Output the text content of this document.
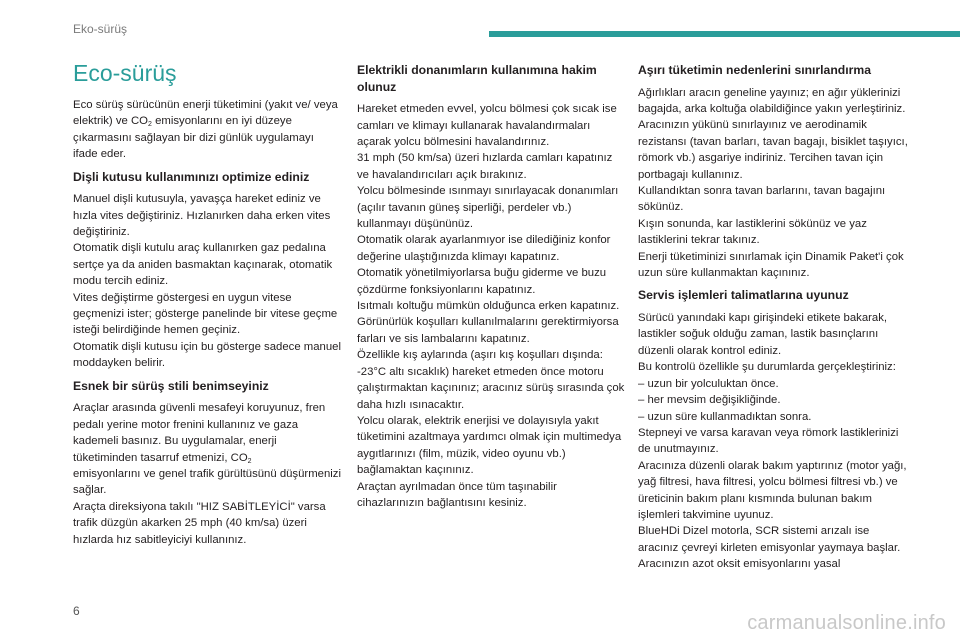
Eko-sürüş
Eco-sürüş

Eco sürüş sürücünün enerji tüketimini (yakıt ve/ veya elektrik) ve $CO_2$ emisyonlarını en iyi düzeye çıkarmasını sağlayan bir dizi günlük uygulamayı ifade eder.

Dişli kutusu kullanımınızı optimize ediniz

Manuel dişli kutusuyla, yavaşça hareket ediniz ve hızla vites değiştiriniz. Hızlanırken daha erken vites değiştiriniz.
Otomatik dişli kutulu araç kullanırken gaz pedalına sertçe ya da aniden basmaktan kaçınarak, otomatik modu tercih ediniz.
Vites değiştirme göstergesi en uygun vitese geçmenizi ister; gösterge panelinde bir vitese geçme isteği belirdiğinde hemen geçiniz.
Otomatik dişli kutusu için bu gösterge sadece manuel moddayken belirir.

Esnek bir sürüş stili benimseyiniz

Araçlar arasında güvenli mesafeyi koruyunuz, fren pedalı yerine motor frenini kullanınız ve gaza kademeli basınız. Bu uygulamalar, enerji tüketiminden tasarruf etmenizi, $CO_2$
emisyonlarını ve genel trafik gürültüsünü düşürmenizi sağlar.
Araçta direksiyona takılı "HIZ SABİTLEYİCİ" varsa trafik düzgün akarken 25 mph (40 km/sa) üzeri hızlarda hız sabitleyiciyi kullanınız.

Elektrikli donanımların kullanımına hakim olunuz

Hareket etmeden evvel, yolcu bölmesi çok sıcak ise camları ve klimayı kullanarak havalandırmaları açarak yolcu bölmesini havalandırınız.
31 mph (50 km/sa) üzeri hızlarda camları kapatınız ve havalandırıcıları açık bırakınız.
Yolcu bölmesinde ısınmayı sınırlayacak donanımları (açılır tavanın güneş siperliği, perdeler vb.) kullanmayı düşününüz.
Otomatik olarak ayarlanmıyor ise dilediğiniz konfor değerine ulaştığınızda klimayı kapatınız.
Otomatik yönetilmiyorlarsa buğu giderme ve buzu çözdürme fonksiyonlarını kapatınız.
Isıtmalı koltuğu mümkün olduğunca erken kapatınız.
Görünürlük koşulları kullanılmalarını gerektirmiyorsa farları ve sis lambalarını kapatınız.
Özellikle kış aylarında (aşırı kış koşulları dışında: -23°C altı sıcaklık) hareket etmeden önce motoru çalıştırmaktan kaçınınız; aracınız sürüş sırasında çok daha hızlı ısınacaktır.
Yolcu olarak, elektrik enerjisi ve dolayısıyla yakıt tüketimini azaltmaya yardımcı olmak için multimedya aygıtlarınızı (film, müzik, video oyunu vb.) bağlamaktan kaçınınız.
Araçtan ayrılmadan önce tüm taşınabilir cihazlarınızın bağlantısını kesiniz.

Aşırı tüketimin nedenlerini sınırlandırma

Ağırlıkları aracın geneline yayınız; en ağır yüklerinizi bagajda, arka koltuğa olabildiğince yakın yerleştiriniz.
Aracınızın yükünü sınırlayınız ve aerodinamik rezistansı (tavan barları, tavan bagajı, bisiklet taşıyıcı, römork vb.) asgariye indiriniz. Tercihen tavan için portbagajı kullanınız.
Kullandıktan sonra tavan barlarını, tavan bagajını sökünüz.
Kışın sonunda, kar lastiklerini sökünüz ve yaz lastiklerini tekrar takınız.
Enerji tüketiminizi sınırlamak için Dinamik Paket'i çok uzun süre kullanmaktan kaçınınız.

Servis işlemleri talimatlarına uyunuz

Sürücü yanındaki kapı girişindeki etikete bakarak, lastikler soğuk olduğu zaman, lastik basınçlarını düzenli olarak kontrol ediniz.
Bu kontrolü özellikle şu durumlarda gerçekleştiriniz:
– uzun bir yolculuktan önce.
– her mevsim değişikliğinde.
– uzun süre kullanmadıktan sonra.
Stepneyi ve varsa karavan veya römork lastiklerinizi de unutmayınız.
Aracınıza düzenli olarak bakım yaptırınız (motor yağı, yağ filtresi, hava filtresi, yolcu bölmesi filtresi vb.) ve üreticinin bakım planı kısmında bulunan bakım işlemleri takvimine uyunuz.
BlueHDi Dizel motorla, SCR sistemi arızalı ise aracınız çevreyi kirleten emisyonlar yaymaya başlar. Aracınızın azot oksit emisyonlarını yasal

6
carmanualsonline.info
